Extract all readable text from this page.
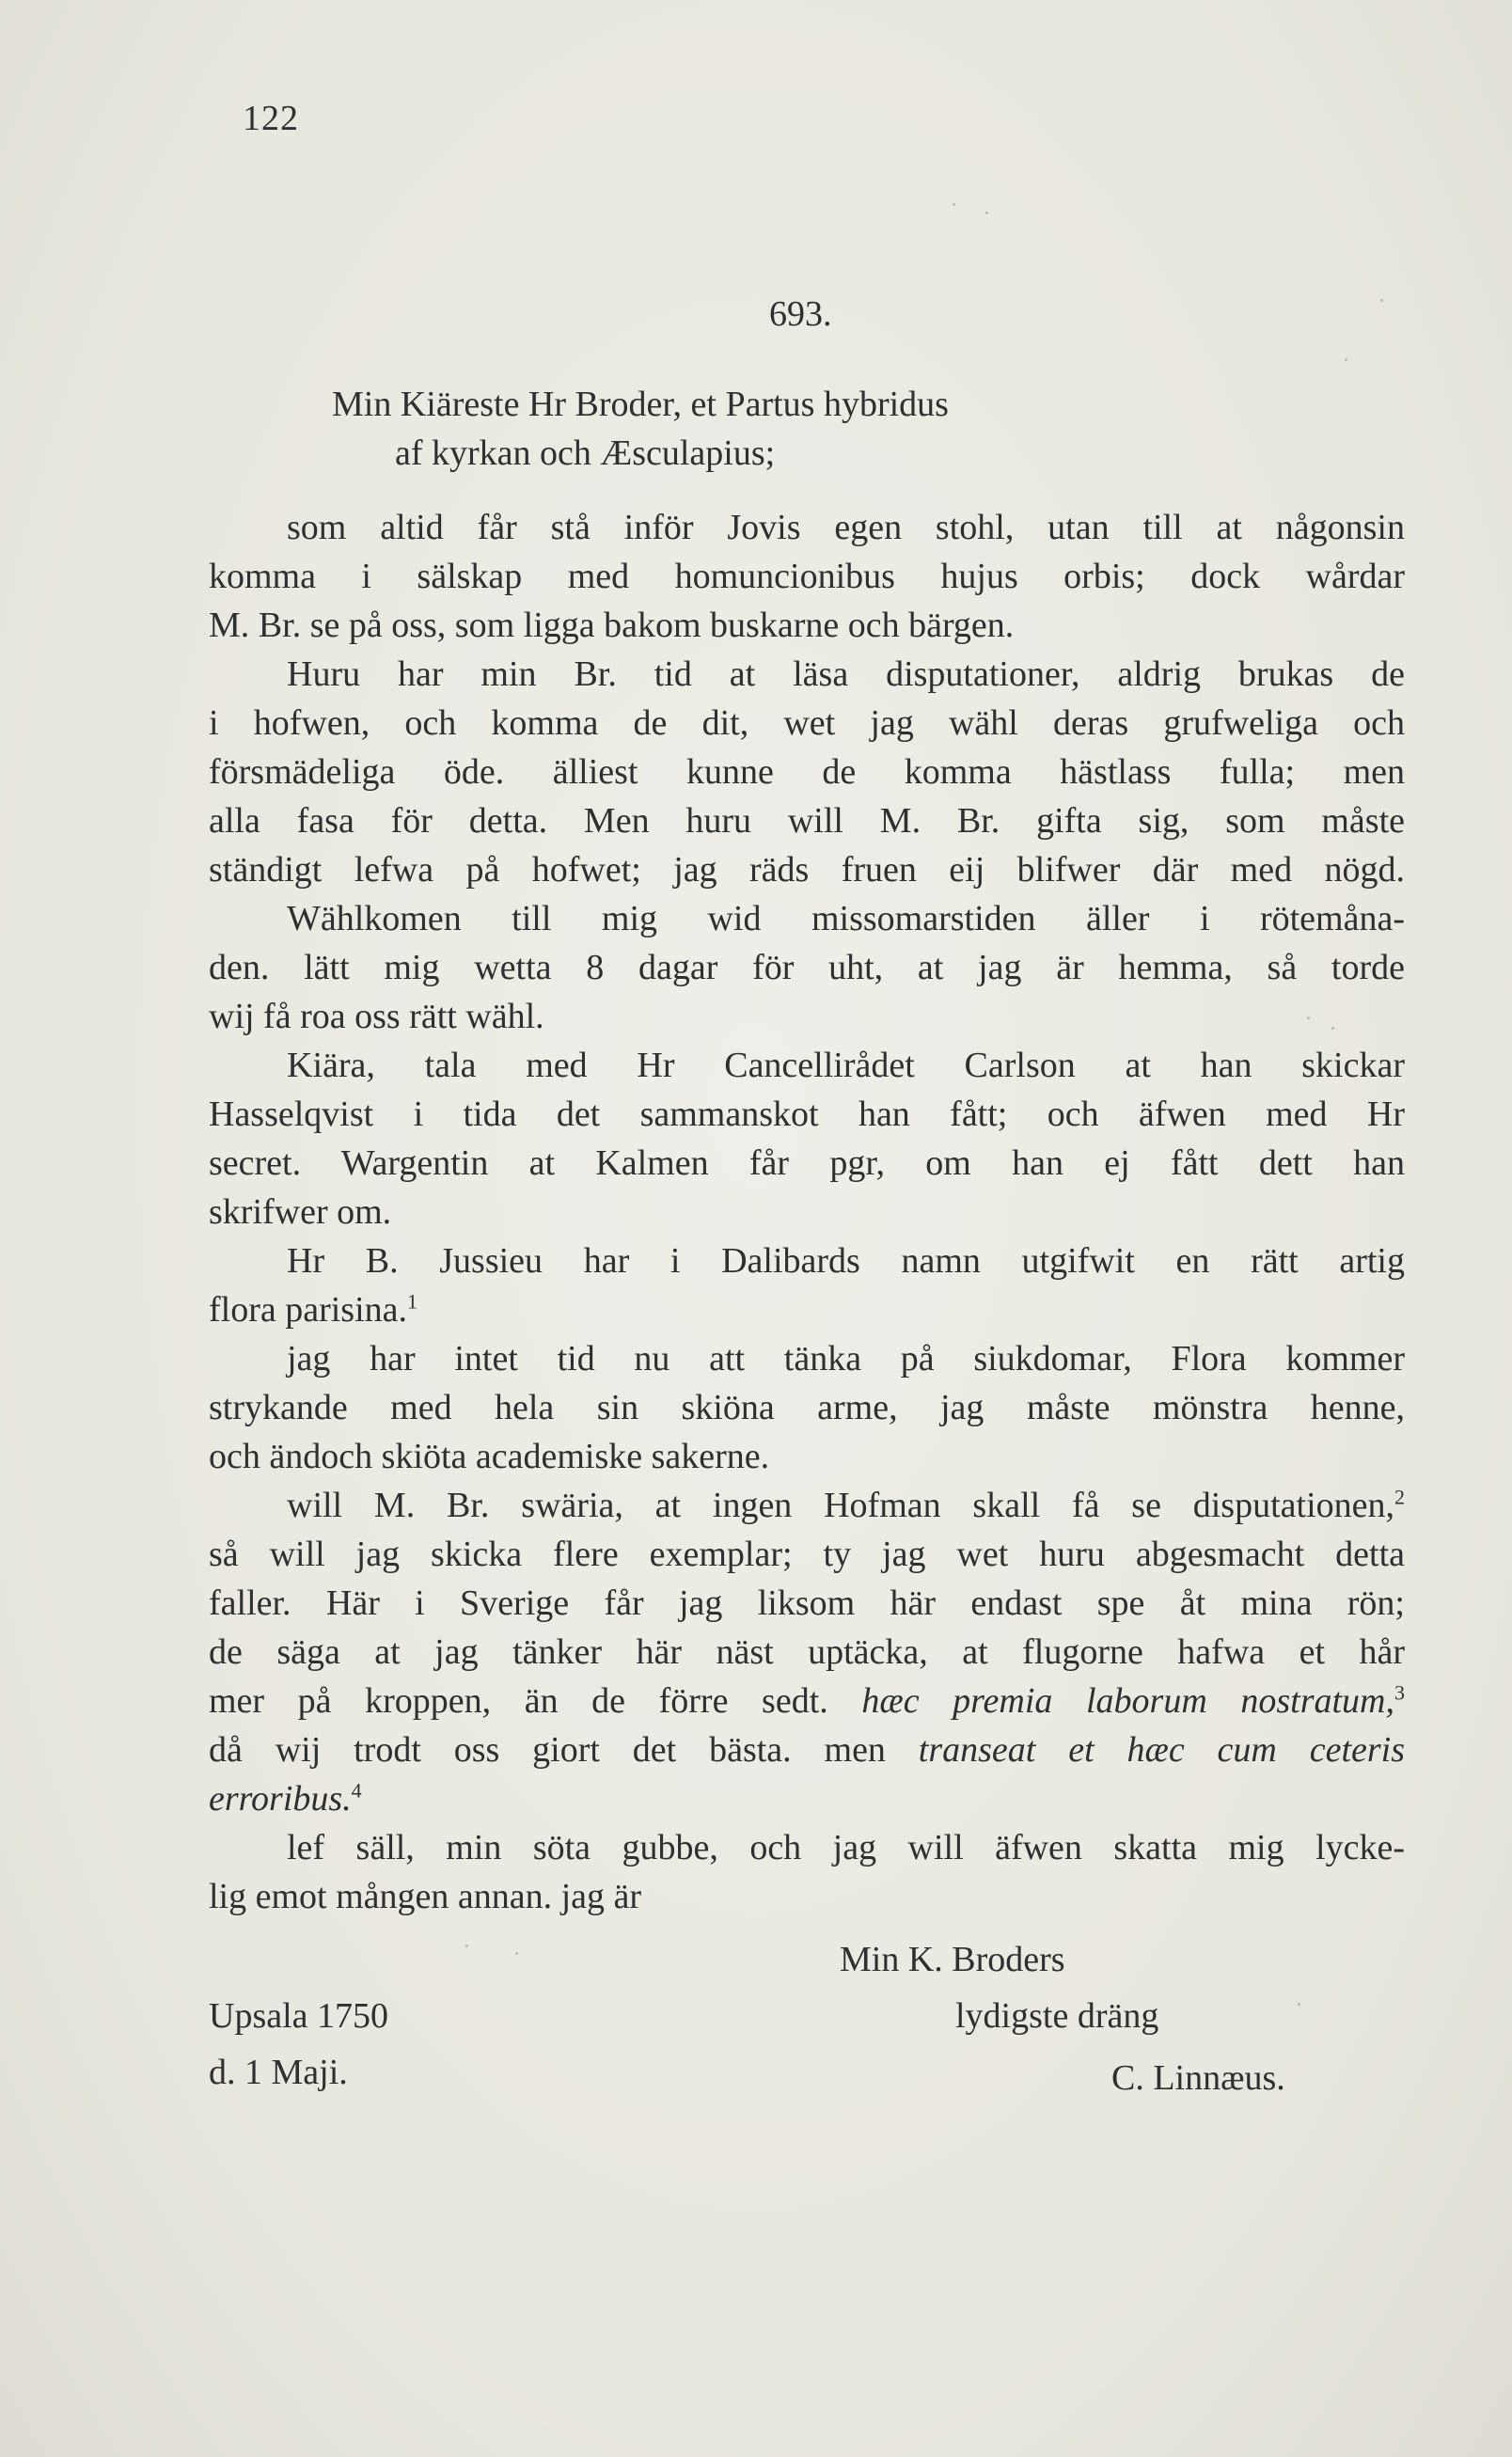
122
693.
Min Kiäreste Hr Broder, et Partus hybridus
af kyrkan och Æsculapius;
som altid får stå inför Jovis egen stohl, utan till at någonsin
komma i sälskap med homuncionibus hujus orbis; dock wårdar
M. Br. se på oss, som ligga bakom buskarne och bärgen.
Huru har min Br. tid at läsa disputationer, aldrig brukas de
i hofwen, och komma de dit, wet jag wähl deras grufweliga och
försmädeliga öde. älliest kunne de komma hästlass fulla; men
alla fasa för detta. Men huru will M. Br. gifta sig, som måste
ständigt lefwa på hofwet; jag räds fruen eij blifwer där med nögd.
Wählkomen till mig wid missomarstiden äller i rötemåna-
den. lätt mig wetta 8 dagar för uht, at jag är hemma, så torde
wij få roa oss rätt wähl.
Kiära, tala med Hr Cancellirådet Carlson at han skickar
Hasselqvist i tida det sammanskot han fått; och äfwen med Hr
secret. Wargentin at Kalmen får pgr, om han ej fått dett han
skrifwer om.
Hr B. Jussieu har i Dalibards namn utgifwit en rätt artig
flora parisina.$^1$
jag har intet tid nu att tänka på siukdomar, Flora kommer
strykande med hela sin skiöna arme, jag måste mönstra henne,
och ändoch skiöta academiske sakerne.
will M. Br. swäria, at ingen Hofman skall få se disputationen,$^2$
så will jag skicka flere exemplar; ty jag wet huru abgesmacht detta
faller. Här i Sverige får jag liksom här endast spe åt mina rön;
de säga at jag tänker här näst uptäcka, at flugorne hafwa et hår
mer på kroppen, än de förre sedt. hæc premia laborum nostratum,$^3$
då wij trodt oss giort det bästa. men transeat et hæc cum ceteris
erroribus.$^4$
lef säll, min söta gubbe, och jag will äfwen skatta mig lycke-
lig emot mången annan. jag är
Min K. Broders
Upsala 1750	lydigste dräng
d. 1 Maji.	C. Linnæus.
